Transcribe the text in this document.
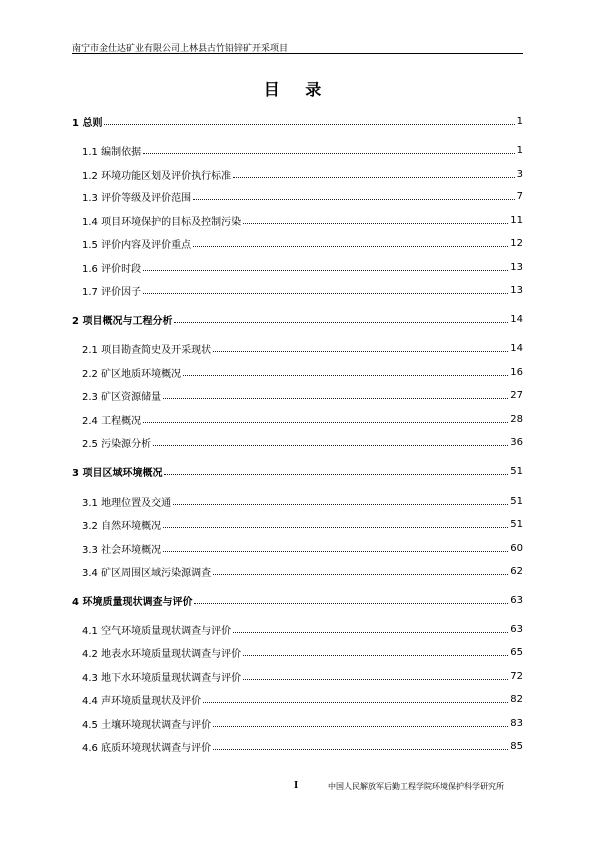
南宁市金仕达矿业有限公司上林县古竹铅锌矿开采项目
目 录
1 总则	1
1.1 编制依据	1
1.2 环境功能区划及评价执行标准	3
1.3 评价等级及评价范围	7
1.4 项目环境保护的目标及控制污染	11
1.5 评价内容及评价重点	12
1.6 评价时段	13
1.7 评价因子	13
2 项目概况与工程分析	14
2.1 项目勘查简史及开采现状	14
2.2 矿区地质环境概况	16
2.3 矿区资源储量	27
2.4 工程概况	28
2.5 污染源分析	36
3 项目区域环境概况	51
3.1 地理位置及交通	51
3.2 自然环境概况	51
3.3 社会环境概况	60
3.4 矿区周围区域污染源调查	62
4 环境质量现状调查与评价	63
4.1 空气环境质量现状调查与评价	63
4.2 地表水环境质量现状调查与评价	65
4.3 地下水环境质量现状调查与评价	72
4.4 声环境质量现状及评价	82
4.5 土壤环境现状调查与评价	83
4.6 底质环境现状调查与评价	85
I	中国人民解放军后勤工程学院环境保护科学研究所
